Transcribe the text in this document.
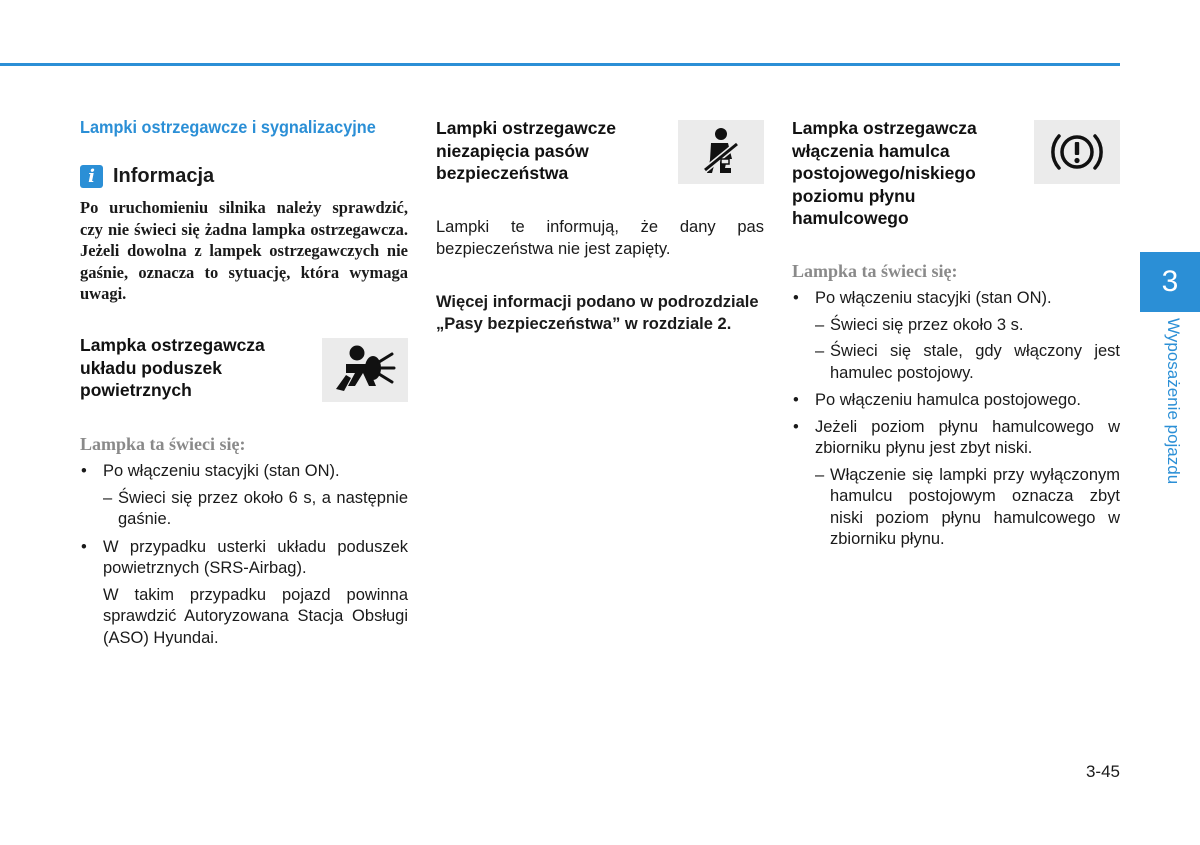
Lampki ostrzegawcze i sygnalizacyjne
i Informacja
Po uruchomieniu silnika należy sprawdzić, czy nie świeci się żadna lampka ostrzegawcza. Jeżeli dowolna z lampek ostrzegawczych nie gaśnie, oznacza to sytuację, która wymaga uwagi.
Lampka ostrzegawcza układu poduszek powietrznych
Lampka ta świeci się:

• Po włączeniu stacyjki (stan ON).

– Świeci się przez około 6 s, a następnie gaśnie.

• W przypadku usterki układu poduszek powietrznych (SRS-Airbag).

W takim przypadku pojazd powinna sprawdzić Autoryzowana Stacja Obsługi (ASO) Hyundai.

Lampki ostrzegawcze niezapięcia pasów bezpieczeństwa

Lampki te informują, że dany pas bezpieczeństwa nie jest zapięty.

Więcej informacji podano w podrozdziale „Pasy bezpieczeństwa” w rozdziale 2.
Lampka ostrzegawcza włączenia hamulca postojowego/niskiego poziomu płynu hamulcowego
Lampka ta świeci się:

• Po włączeniu stacyjki (stan ON).

– Świeci się przez około 3 s.

– Świeci się stale, gdy włączony jest hamulec postojowy.

• Po włączeniu hamulca postojowego.

• Jeżeli poziom płynu hamulcowego w zbiorniku płynu jest zbyt niski.

– Włączenie się lampki przy wyłączonym hamulcu postojowym oznacza zbyt niski poziom płynu hamulcowego w zbiorniku płynu.

3
Wyposażenie pojazdu
3-45
